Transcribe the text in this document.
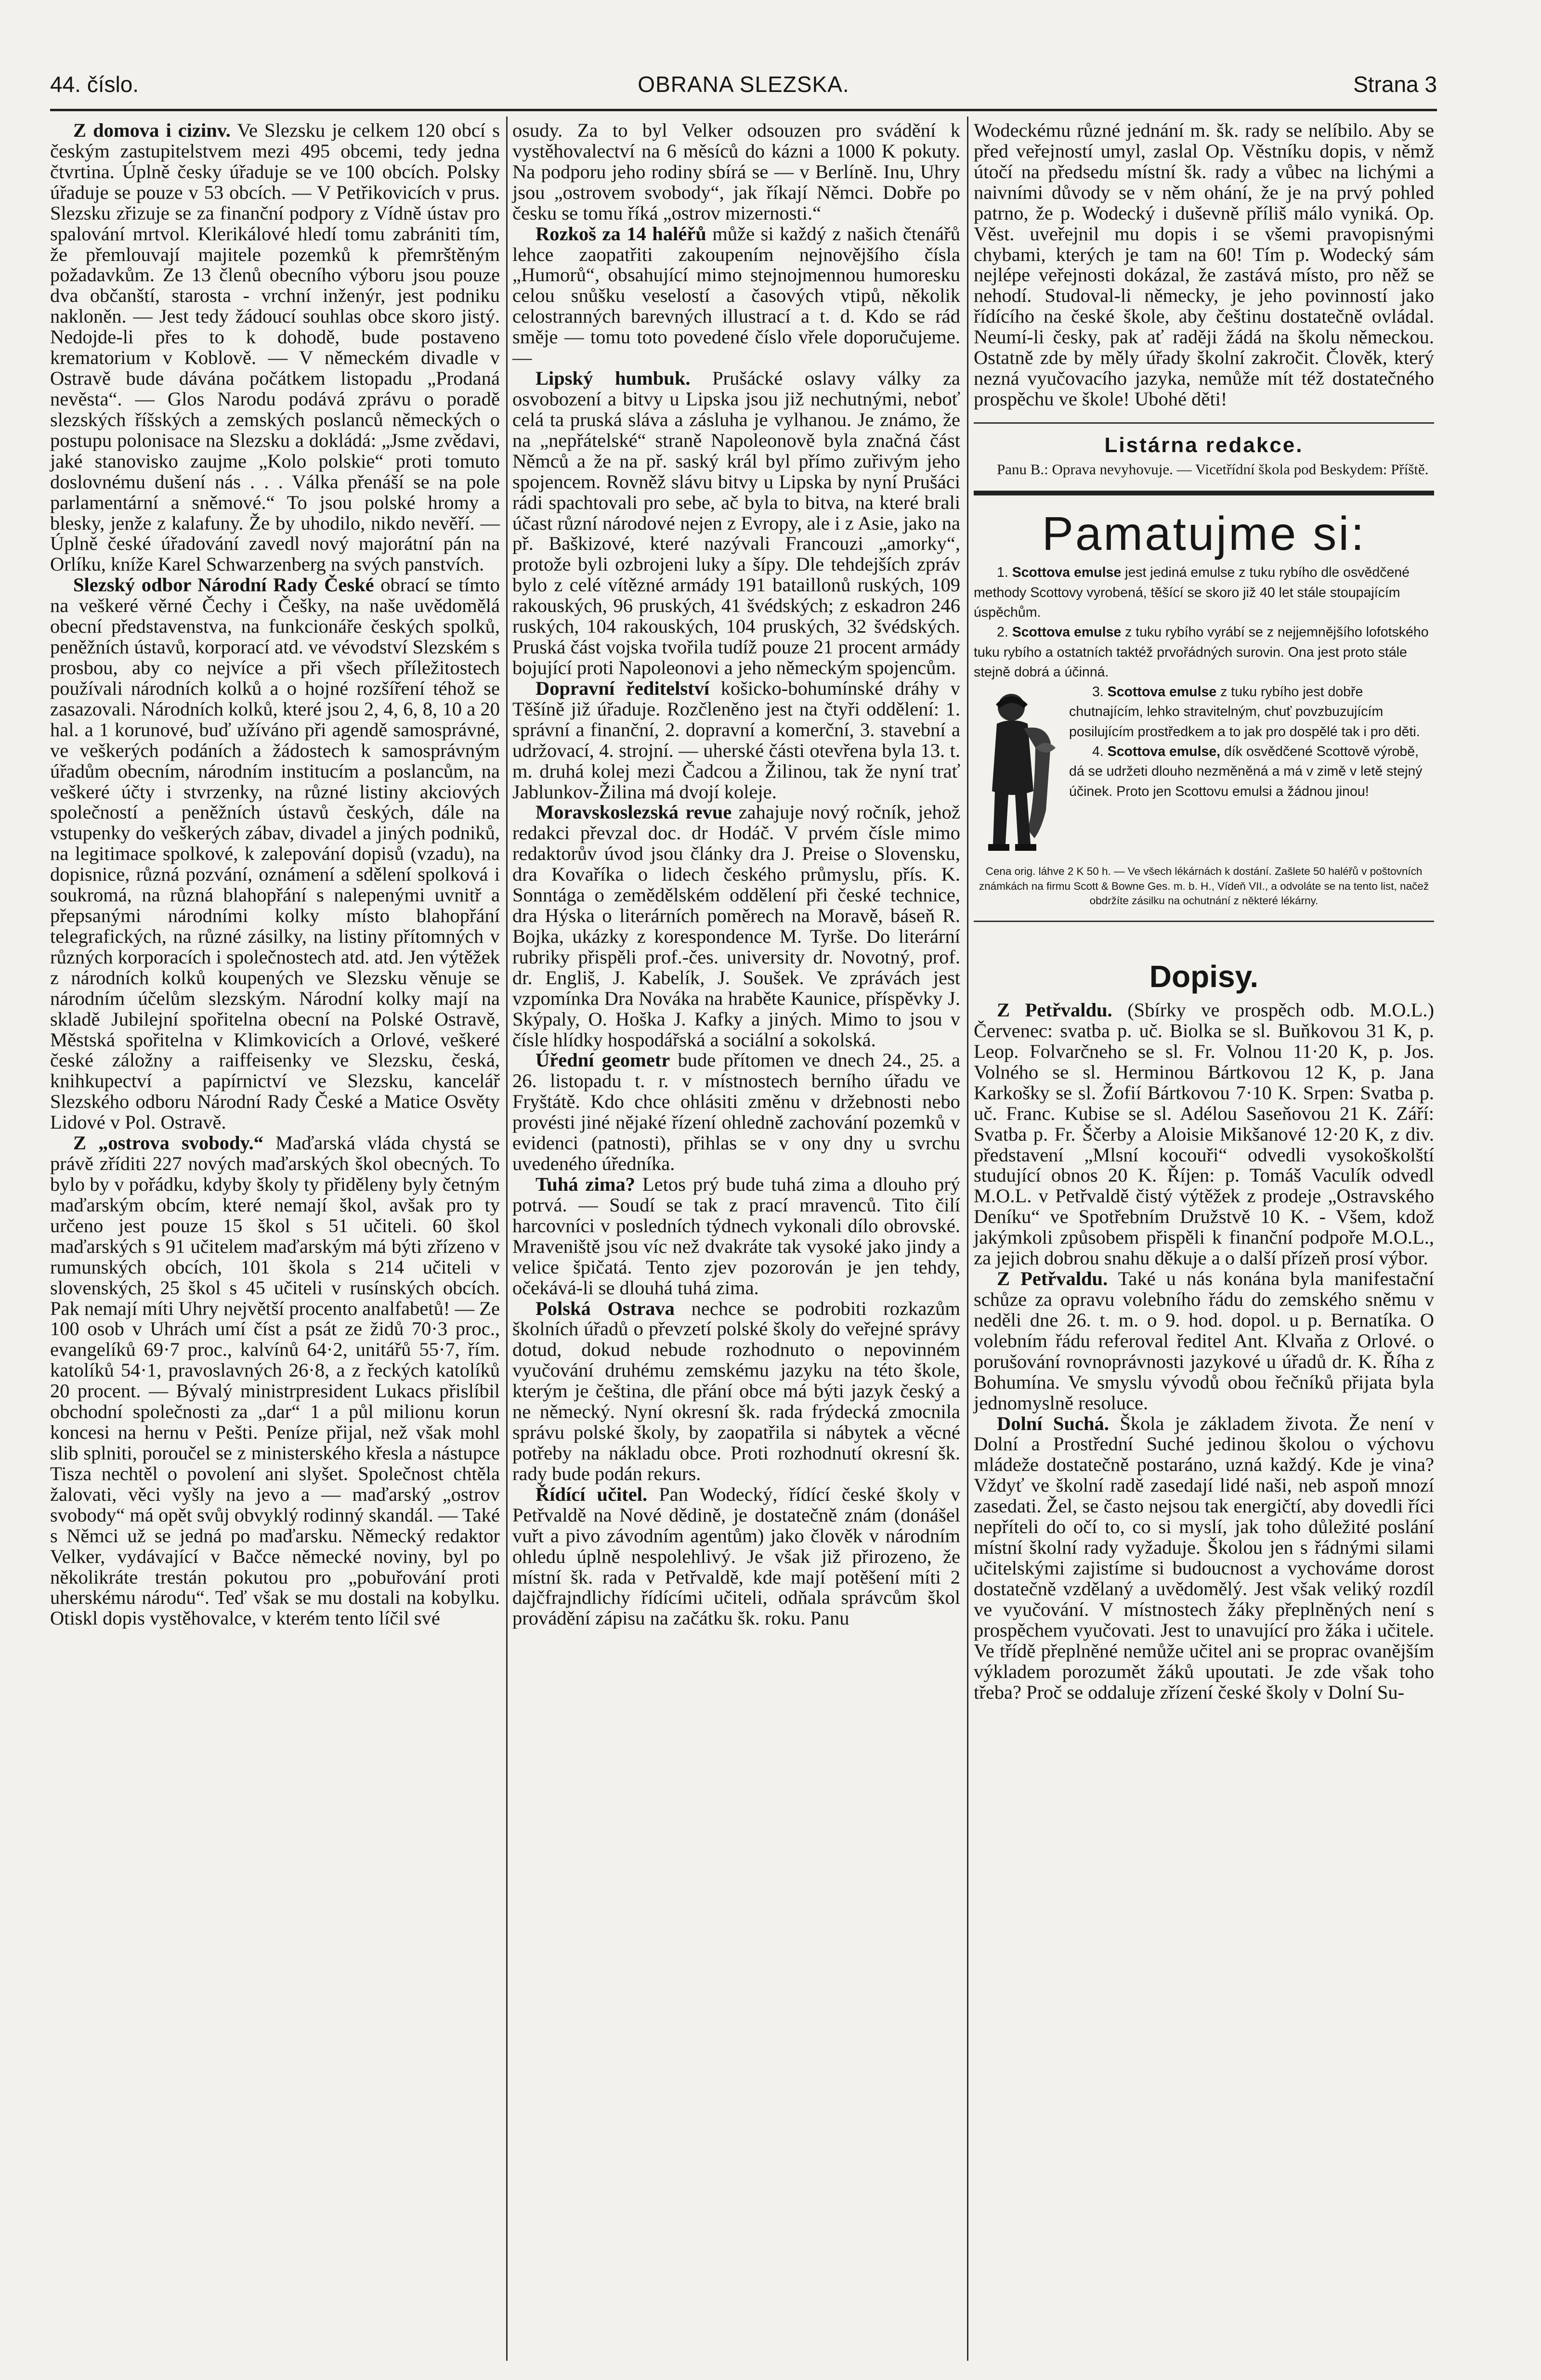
44. číslo.	OBRANA SLEZSKA.	Strana 3

Z domova i cizinv. Ve Slezsku je celkem 120 obcí s českým zastupitelstvem mezi 495 obcemi, tedy jedna čtvrtina. Úplně česky úřaduje se ve 100 obcích. Polsky úřaduje se pouze v 53 obcích. — V Petřikovicích v prus. Slezsku zřizuje se za finanční podpory z Vídně ústav pro spalování mrtvol. Klerikálové hledí tomu zabrániti tím, že přemlouvají majitele pozemků k přemrštěným požadavkům. Ze 13 členů obecního výboru jsou pouze dva občanští, starosta - vrchní inženýr, jest podniku nakloněn. — Jest tedy žádoucí souhlas obce skoro jistý. Nedojde-li přes to k dohodě, bude postaveno krematorium v Koblově. — V německém divadle v Ostravě bude dávána počátkem listopadu „Prodaná nevěsta“. — Glos Narodu podává zprávu o poradě slezských říšských a zemských poslanců německých o postupu polonisace na Slezsku a dokládá: „Jsme zvědavi, jaké stanovisko zaujme „Kolo polskie“ proti tomuto doslovnému dušení nás . . . Válka přenáší se na pole parlamentární a sněmové.“ To jsou polské hromy a blesky, jenže z kalafuny. Že by uhodilo, nikdo nevěří. — Úplně české úřadování zavedl nový majorátní pán na Orlíku, kníže Karel Schwarzenberg na svých panstvích.

Slezský odbor Národní Rady České obrací se tímto na veškeré věrné Čechy i Češky, na naše uvědomělá obecní představenstva, na funkcionáře českých spolků, peněžních ústavů, korporací atd. ve vévodství Slezském s prosbou, aby co nejvíce a při všech příležitostech používali národních kolků a o hojné rozšíření téhož se zasazovali. Národních kolků, které jsou 2, 4, 6, 8, 10 a 20 hal. a 1 korunové, buď užíváno při agendě samosprávné, ve veškerých podáních a žádostech k samosprávným úřadům obecním, národním institucím a poslancům, na veškeré účty i stvrzenky, na různé listiny akciových společností a peněžních ústavů českých, dále na vstupenky do veškerých zábav, divadel a jiných podniků, na legitimace spolkové, k zalepování dopisů (vzadu), na dopisnice, různá pozvání, oznámení a sdělení spolková i soukromá, na různá blahopřání s nalepenými uvnitř a přepsanými národními kolky místo blahopřání telegrafických, na různé zásilky, na listiny přítomných v různých korporacích i společnostech atd. atd. Jen výtěžek z národních kolků koupených ve Slezsku věnuje se národním účelům slezským. Národní kolky mají na skladě Jubilejní spořitelna obecní na Polské Ostravě, Městská spořitelna v Klimkovicích a Orlové, veškeré české záložny a raiffeisenky ve Slezsku, česká, knihkupectví a papírnictví ve Slezsku, kancelář Slezského odboru Národní Rady České a Matice Osvěty Lidové v Pol. Ostravě.

Z „ostrova svobody.“ Maďarská vláda chystá se právě zříditi 227 nových maďarských škol obecných. To bylo by v pořádku, kdyby školy ty přiděleny byly četným maďarským obcím, které nemají škol, avšak pro ty určeno jest pouze 15 škol s 51 učiteli. 60 škol maďarských s 91 učitelem maďarským má býti zřízeno v rumunských obcích, 101 škola s 214 učiteli v slovenských, 25 škol s 45 učiteli v rusínských obcích. Pak nemají míti Uhry největší procento analfabetů! — Ze 100 osob v Uhrách umí číst a psát ze židů 70·3 proc., evangelíků 69·7 proc., kalvínů 64·2, unitářů 55·7, řím. katolíků 54·1, pravoslavných 26·8, a z řeckých katolíků 20 procent. — Bývalý ministrpresident Lukacs přislíbil obchodní společnosti za „dar“ 1 a půl milionu korun koncesi na hernu v Pešti. Peníze přijal, než však mohl slib splniti, poroučel se z ministerského křesla a nástupce Tisza nechtěl o povolení ani slyšet. Společnost chtěla žalovati, věci vyšly na jevo a — maďarský „ostrov svobody“ má opět svůj obvyklý rodinný skandál. — Také s Němci už se jedná po maďarsku. Německý redaktor Velker, vydávající v Bačce německé noviny, byl po několikráte trestán pokutou pro „pobuřování proti uherskému národu“. Teď však se mu dostali na kobylku. Otiskl dopis vystěhovalce, v kterém tento líčil své

osudy. Za to byl Velker odsouzen pro svádění k vystěhovalectví na 6 měsíců do kázni a 1000 K pokuty. Na podporu jeho rodiny sbírá se — v Berlíně. Inu, Uhry jsou „ostrovem svobody“, jak říkají Němci. Dobře po česku se tomu říká „ostrov mizernosti.“

Rozkoš za 14 haléřů může si každý z našich čtenářů lehce zaopatřiti zakoupením nejnovějšího čísla „Humorů“, obsahující mimo stejnojmennou humoresku celou snůšku veselostí a časových vtipů, několik celostranných barevných illustrací a t. d. Kdo se rád směje — tomu toto povedené číslo vřele doporučujeme.—

Lipský humbuk. Prušácké oslavy války za osvobození a bitvy u Lipska jsou již nechutnými, neboť celá ta pruská sláva a zásluha je vylhanou. Je známo, že na „nepřátelské“ straně Napoleonově byla značná část Němců a že na př. saský král byl přímo zuřivým jeho spojencem. Rovněž slávu bitvy u Lipska by nyní Prušáci rádi spachtovali pro sebe, ač byla to bitva, na které brali účast různí národové nejen z Evropy, ale i z Asie, jako na př. Baškizové, které nazývali Francouzi „amorky“, protože byli ozbrojeni luky a šípy. Dle tehdejších zpráv bylo z celé vítězné armády 191 bataillonů ruských, 109 rakouských, 96 pruských, 41 švédských; z eskadron 246 ruských, 104 rakouských, 104 pruských, 32 švédských. Pruská část vojska tvořila tudíž pouze 21 procent armády bojující proti Napoleonovi a jeho německým spojencům.

Dopravní ředitelství košicko-bohumínské dráhy v Těšíně již úřaduje. Rozčleněno jest na čtyři oddělení: 1. správní a finanční, 2. dopravní a komerční, 3. stavební a udržovací, 4. strojní. — uherské části otevřena byla 13. t. m. druhá kolej mezi Čadcou a Žilinou, tak že nyní trať Jablunkov-Žilina má dvojí koleje.

Moravskoslezská revue zahajuje nový ročník, jehož redakci převzal doc. dr Hodáč. V prvém čísle mimo redaktorův úvod jsou články dra J. Preise o Slovensku, dra Kovaříka o lidech českého průmyslu, přís. K. Sonntága o zemědělském oddělení při české technice, dra Hýska o literárních poměrech na Moravě, báseň R. Bojka, ukázky z korespondence M. Tyrše. Do literární rubriky přispěli prof.-čes. university dr. Novotný, prof. dr. Engliš, J. Kabelík, J. Soušek. Ve zprávách jest vzpomínka Dra Nováka na hraběte Kaunice, příspěvky J. Skýpaly, O. Hoška J. Kafky a jiných. Mimo to jsou v čísle hlídky hospodářská a sociální a sokolská.

Úřední geometr bude přítomen ve dnech 24., 25. a 26. listopadu t. r. v místnostech berního úřadu ve Fryštátě. Kdo chce ohlásiti změnu v držebnosti nebo provésti jiné nějaké řízení ohledně zachování pozemků v evidenci (patnosti), přihlas se v ony dny u svrchu uvedeného úředníka.

Tuhá zima? Letos prý bude tuhá zima a dlouho prý potrvá. — Soudí se tak z prací mravenců. Tito čilí harcovníci v posledních týdnech vykonali dílo obrovské. Mraveniště jsou víc než dvakráte tak vysoké jako jindy a velice špičatá. Tento zjev pozorován je jen tehdy, očekává-li se dlouhá tuhá zima.

Polská Ostrava nechce se podrobiti rozkazům školních úřadů o převzetí polské školy do veřejné správy dotud, dokud nebude rozhodnuto o nepovinném vyučování druhému zemskému jazyku na této škole, kterým je čeština, dle přání obce má býti jazyk český a ne německý. Nyní okresní šk. rada frýdecká zmocnila správu polské školy, by zaopatřila si nábytek a věcné potřeby na nákladu obce. Proti rozhodnutí okresní šk. rady bude podán rekurs.

Řídící učitel. Pan Wodecký, řídící české školy v Petřvaldě na Nové dědině, je dostatečně znám (donášel vuřt a pivo závodním agentům) jako člověk v národním ohledu úplně nespolehlivý. Je však již přirozeno, že místní šk. rada v Petřvaldě, kde mají potěšení míti 2 dajčfrajndlichy řídícími učiteli, odňala správcům škol provádění zápisu na začátku šk. roku. Panu

Wodeckému různé jednání m. šk. rady se nelíbilo. Aby se před veřejností umyl, zaslal Op. Věstníku dopis, v němž útočí na předsedu místní šk. rady a vůbec na lichými a naivními důvody se v něm ohání, že je na prvý pohled patrno, že p. Wodecký i duševně příliš málo vyniká. Op. Věst. uveřejnil mu dopis i se všemi pravopisnými chybami, kterých je tam na 60! Tím p. Wodecký sám nejlépe veřejnosti dokázal, že zastává místo, pro něž se nehodí. Studoval-li německy, je jeho povinností jako řídícího na české škole, aby češtinu dostatečně ovládal. Neumí-li česky, pak ať raději žádá na školu německou. Ostatně zde by měly úřady školní zakročit. Člověk, který nezná vyučovacího jazyka, nemůže mít též dostatečného prospěchu ve škole! Ubohé děti!

Listárna redakce.

Panu B.: Oprava nevyhovuje. — Vicetřídní škola pod Beskydem: Příště.

Pamatujme si:

1. Scottova emulse jest jediná emulse z tuku rybího dle osvědčené methody Scottovy vyrobená, těšící se skoro již 40 let stále stoupajícím úspěchům.

2. Scottova emulse z tuku rybího vyrábí se z nejjemnějšího lofotského tuku rybího a ostatních taktéž prvořádných surovin. Ona jest proto stále stejně dobrá a účinná.

3. Scottova emulse z tuku rybího jest dobře chutnajícím, lehko stravitelným, chuť povzbuzujícím posilujícím prostředkem a to jak pro dospělé tak i pro děti.

4. Scottova emulse, dík osvědčené Scottově výrobě, dá se udržeti dlouho nezměněná a má v zimě v letě stejný účinek. Proto jen Scottovu emulsi a žádnou jinou!

Cena orig. láhve 2 K 50 h. — Ve všech lékárnách k dostání. Zašlete 50 haléřů v poštovních známkách na firmu Scott & Bowne Ges. m. b. H., Vídeň VII., a odvoláte se na tento list, načež obdržíte zásilku na ochutnání z některé lékárny.
Dopisy.

Z Petřvaldu. (Sbírky ve prospěch odb. M.O.L.) Červenec: svatba p. uč. Biolka se sl. Buňkovou 31 K, p. Leop. Folvarčneho se sl. Fr. Volnou 11·20 K, p. Jos. Volného se sl. Herminou Bártkovou 12 K, p. Jana Karkošky se sl. Žofií Bártkovou 7·10 K. Srpen: Svatba p. uč. Franc. Kubise se sl. Adélou Saseňovou 21 K. Září: Svatba p. Fr. Ščerby a Aloisie Mikšanové 12·20 K, z div. představení „Mlsní kocouři“ odvedli vysokoškolští studující obnos 20 K. Říjen: p. Tomáš Vaculík odvedl M.O.L. v Petřvaldě čistý výtěžek z prodeje „Ostravského Deníku“ ve Spotřebním Družstvě 10 K. - Všem, kdož jakýmkoli způsobem přispěli k finanční podpoře M.O.L., za jejich dobrou snahu děkuje a o další přízeň prosí výbor.

Z Petřvaldu. Také u nás konána byla manifestační schůze za opravu volebního řádu do zemského sněmu v neděli dne 26. t. m. o 9. hod. dopol. u p. Bernatíka. O volebním řádu referoval ředitel Ant. Klvaňa z Orlové. o porušování rovnoprávnosti jazykové u úřadů dr. K. Říha z Bohumína. Ve smyslu vývodů obou řečníků přijata byla jednomyslně resoluce.

Dolní Suchá. Škola je základem života. Že není v Dolní a Prostřední Suché jedinou školou o výchovu mládeže dostatečně postaráno, uzná každý. Kde je vina? Vždyť ve školní radě zasedají lidé naši, neb aspoň mnozí zasedati. Žel, se často nejsou tak energičtí, aby dovedli říci nepříteli do očí to, co si myslí, jak toho důležité poslání místní školní rady vyžaduje. Školou jen s řádnými silami učitelskými zajistíme si budoucnost a vychováme dorost dostatečně vzdělaný a uvědomělý. Jest však veliký rozdíl ve vyučování. V místnostech žáky přeplněných není s prospěchem vyučovati. Jest to unavující pro žáka i učitele. Ve třídě přeplněné nemůže učitel ani se proprac ovanějším výkladem porozumět žáků upoutati. Je zde však toho třeba? Proč se oddaluje zřízení české školy v Dolní Su-
